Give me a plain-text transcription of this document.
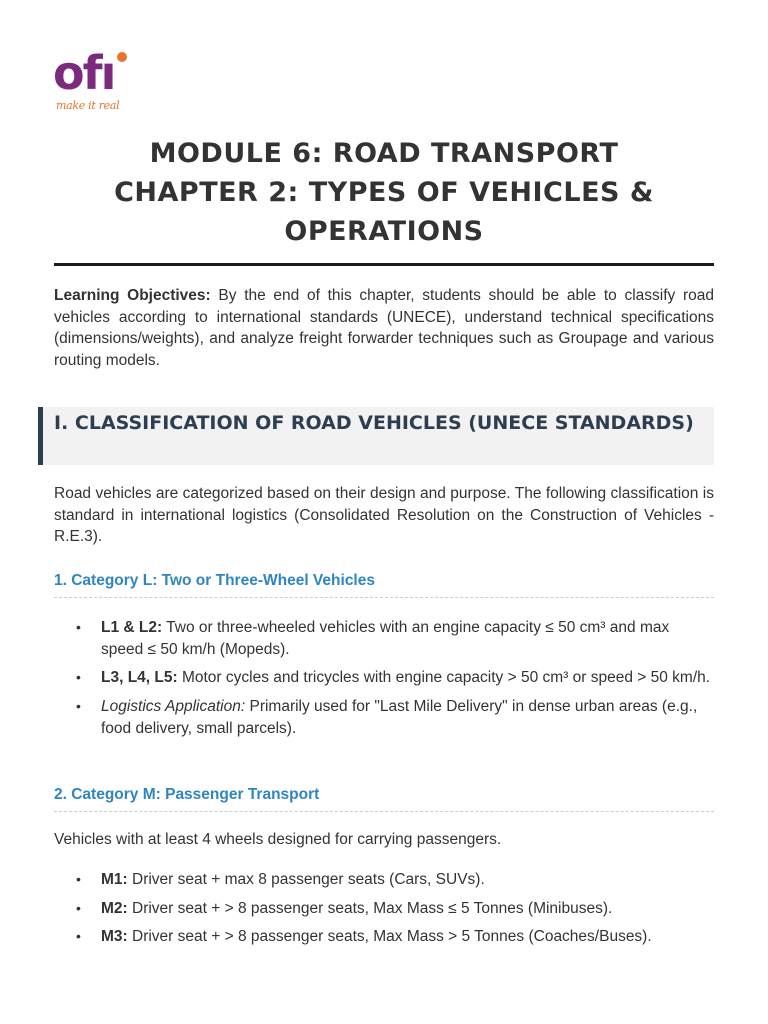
ofı
make it real
MODULE 6: ROAD TRANSPORT
CHAPTER 2: TYPES OF VEHICLES &
OPERATIONS
Learning Objectives: By the end of this chapter, students should be able to classify road vehicles according to international standards (UNECE), understand technical specifications (dimensions/weights), and analyze freight forwarder techniques such as Groupage and various routing models.
I. CLASSIFICATION OF ROAD VEHICLES (UNECE STANDARDS)
Road vehicles are categorized based on their design and purpose. The following classification is standard in international logistics (Consolidated Resolution on the Construction of Vehicles - R.E.3).
1. Category L: Two or Three-Wheel Vehicles
• L1 & L2: Two or three-wheeled vehicles with an engine capacity ≤ 50 cm³ and max speed ≤ 50 km/h (Mopeds).
• L3, L4, L5: Motor cycles and tricycles with engine capacity > 50 cm³ or speed > 50 km/h.
• Logistics Application: Primarily used for "Last Mile Delivery" in dense urban areas (e.g., food delivery, small parcels).
2. Category M: Passenger Transport
Vehicles with at least 4 wheels designed for carrying passengers.
• M1: Driver seat + max 8 passenger seats (Cars, SUVs).
• M2: Driver seat + > 8 passenger seats, Max Mass ≤ 5 Tonnes (Minibuses).
• M3: Driver seat + > 8 passenger seats, Max Mass > 5 Tonnes (Coaches/Buses).
